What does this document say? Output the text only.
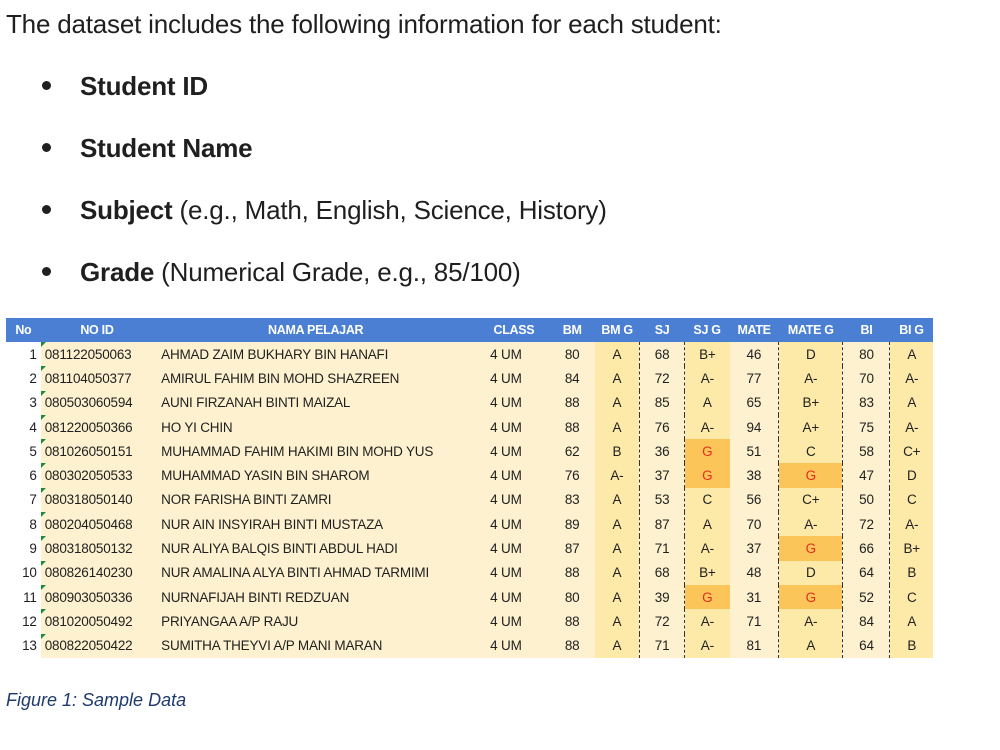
The dataset includes the following information for each student:
Student ID
Student Name
Subject (e.g., Math, English, Science, History)
Grade (Numerical Grade, e.g., 85/100)
No	NO ID	NAMA PELAJAR	CLASS	BM	BM G	SJ	SJ G	MATE	MATE G	BI	BI G
1	081122050063	AHMAD ZAIM BUKHARY BIN HANAFI	4 UM	80	A	68	B+	46	D	80	A
2	081104050377	AMIRUL FAHIM BIN MOHD SHAZREEN	4 UM	84	A	72	A-	77	A-	70	A-
3	080503060594	AUNI FIRZANAH BINTI MAIZAL	4 UM	88	A	85	A	65	B+	83	A
4	081220050366	HO YI CHIN	4 UM	88	A	76	A-	94	A+	75	A-
5	081026050151	MUHAMMAD FAHIM HAKIMI BIN MOHD YUS	4 UM	62	B	36	G	51	C	58	C+
6	080302050533	MUHAMMAD YASIN BIN SHAROM	4 UM	76	A-	37	G	38	G	47	D
7	080318050140	NOR FARISHA BINTI ZAMRI	4 UM	83	A	53	C	56	C+	50	C
8	080204050468	NUR AIN INSYIRAH BINTI MUSTAZA	4 UM	89	A	87	A	70	A-	72	A-
9	080318050132	NUR ALIYA BALQIS BINTI ABDUL HADI	4 UM	87	A	71	A-	37	G	66	B+
10	080826140230	NUR AMALINA ALYA BINTI AHMAD TARMIMI	4 UM	88	A	68	B+	48	D	64	B
11	080903050336	NURNAFIJAH BINTI REDZUAN	4 UM	80	A	39	G	31	G	52	C
12	081020050492	PRIYANGAA A/P RAJU	4 UM	88	A	72	A-	71	A-	84	A
13	080822050422	SUMITHA THEYVI A/P MANI MARAN	4 UM	88	A	71	A-	81	A	64	B
Figure 1: Sample Data
